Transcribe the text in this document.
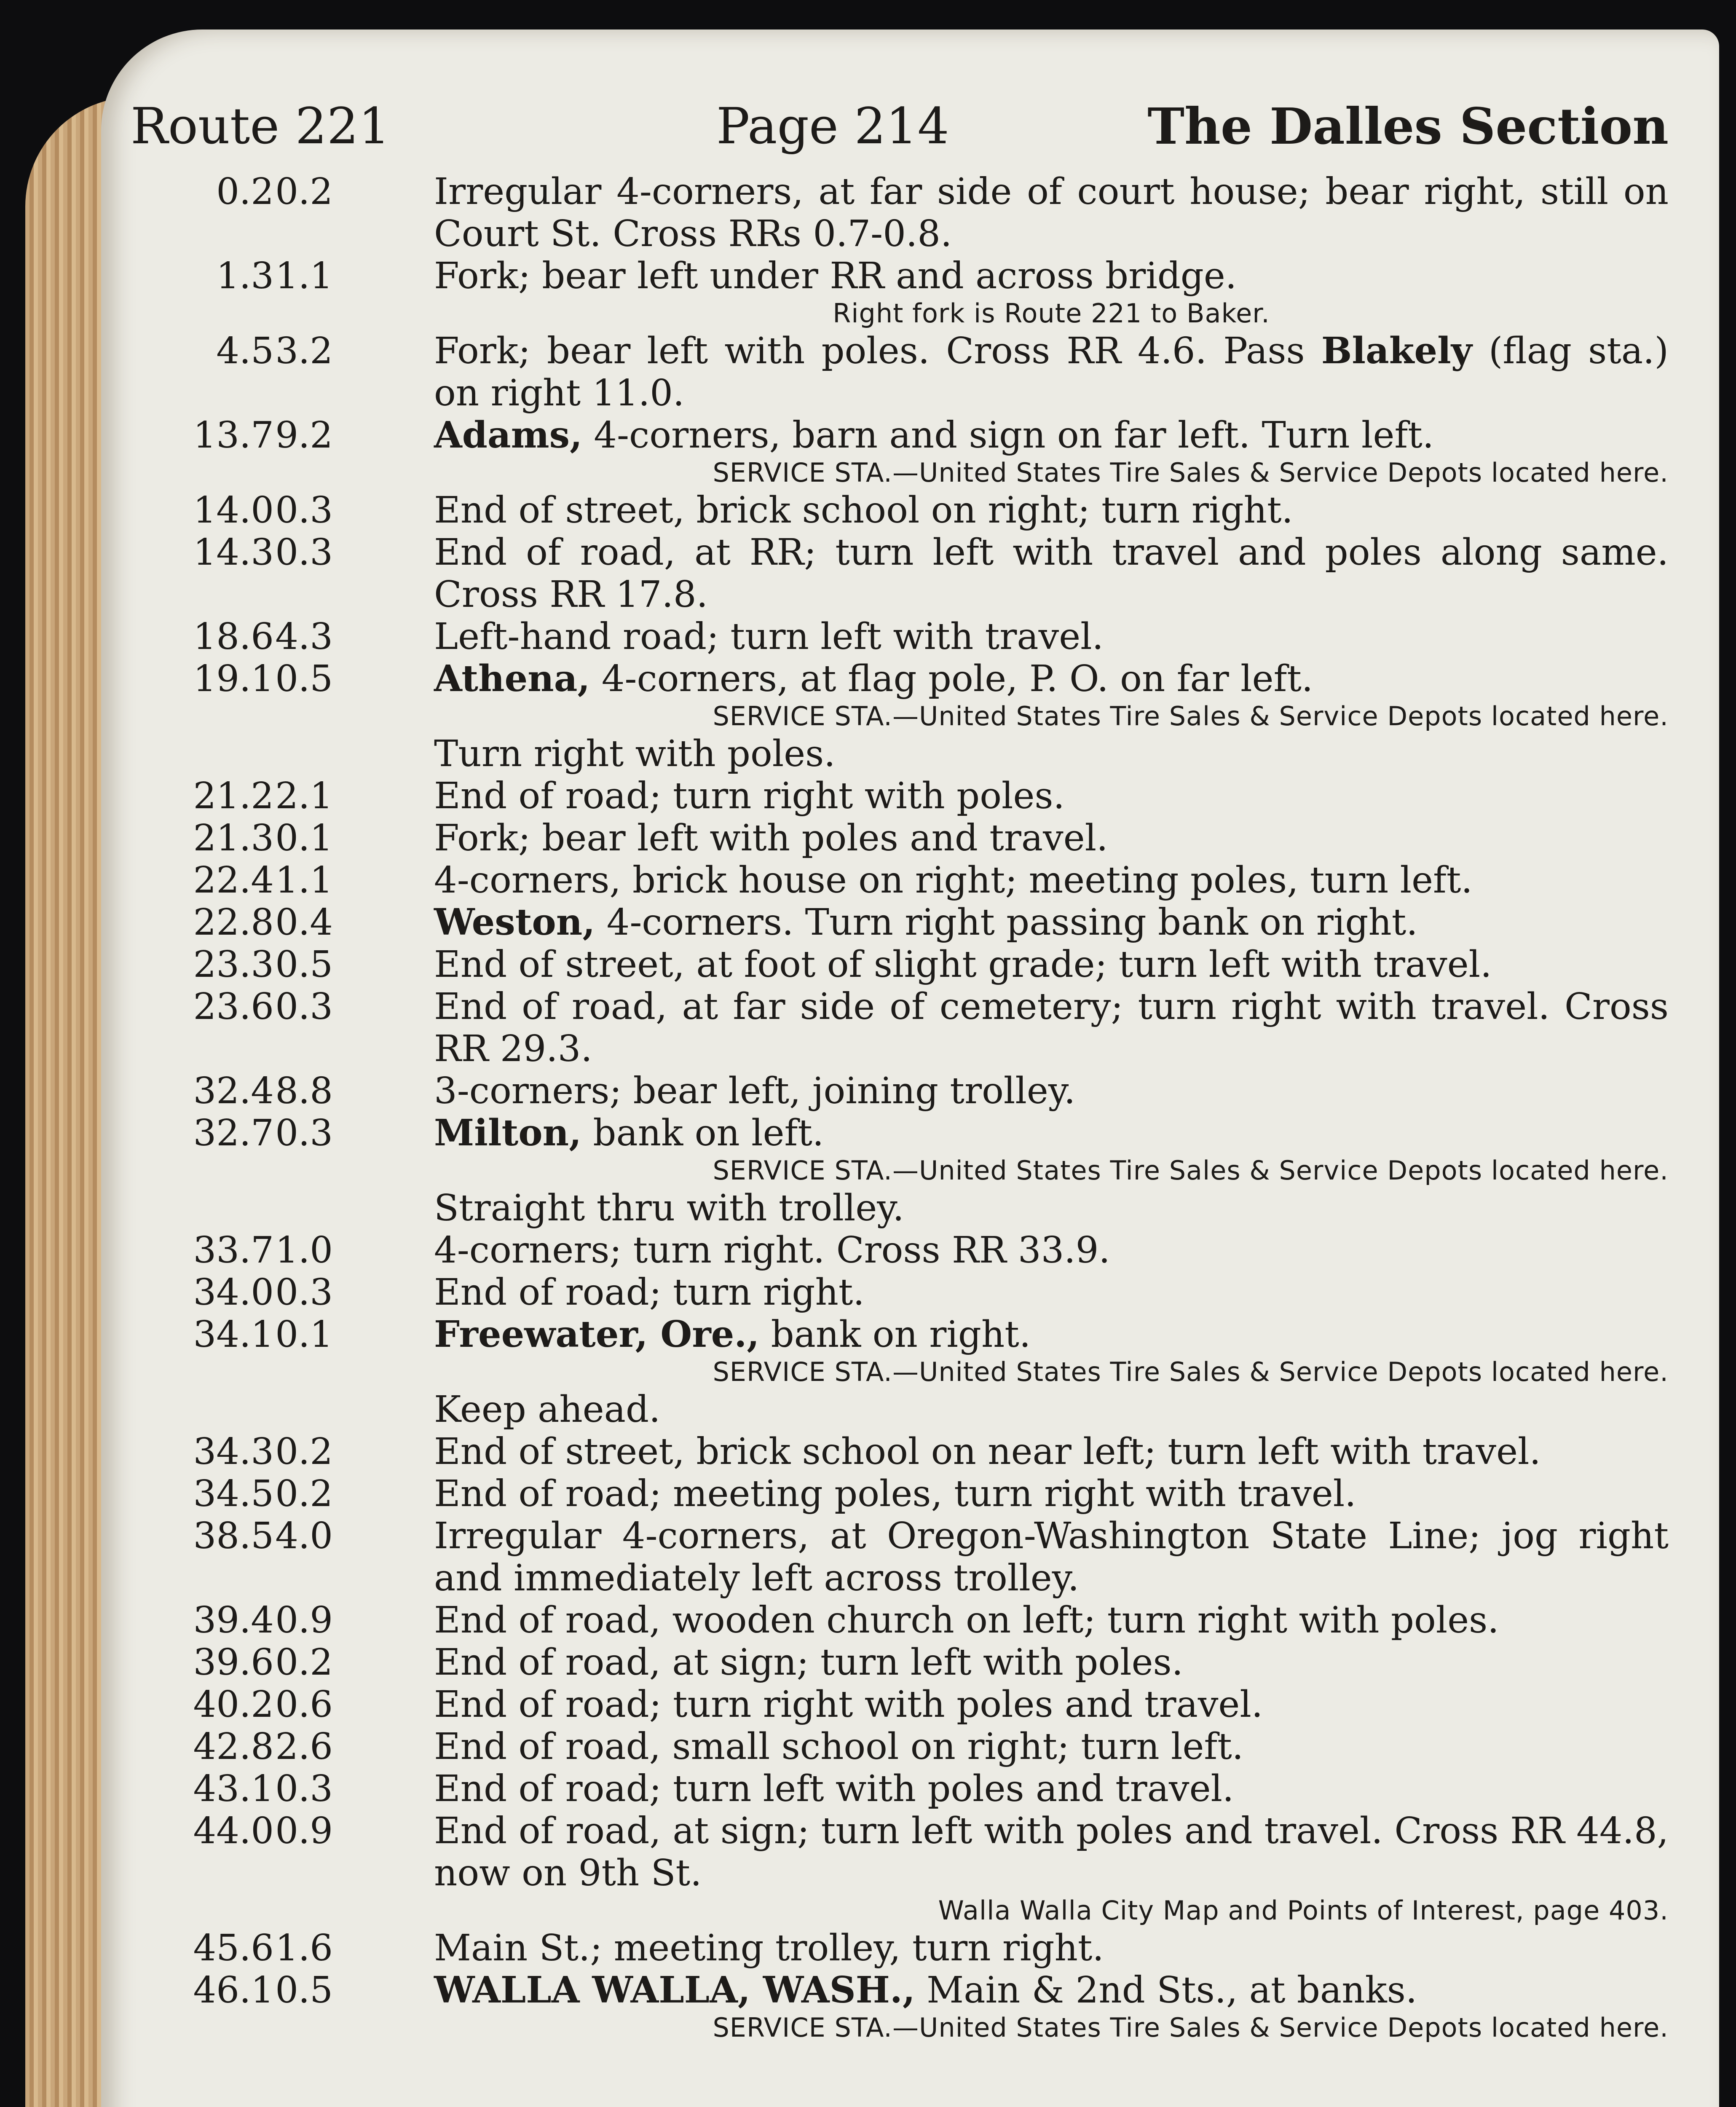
Route 221	Page 214	The Dalles Section
0.2 0.2	Irregular 4-corners, at far side of court house; bear right, still on Court St. Cross RRs 0.7-0.8.
1.3 1.1	Fork; bear left under RR and across bridge.
Right fork is Route 221 to Baker.
4.5 3.2	Fork; bear left with poles. Cross RR 4.6. Pass Blakely (flag sta.) on right 11.0.
13.7 9.2	Adams, 4-corners, barn and sign on far left. Turn left.
SERVICE STA.—United States Tire Sales & Service Depots located here.
14.0 0.3	End of street, brick school on right; turn right.
14.3 0.3	End of road, at RR; turn left with travel and poles along same. Cross RR 17.8.
18.6 4.3	Left-hand road; turn left with travel.
19.1 0.5	Athena, 4-corners, at flag pole, P. O. on far left.
SERVICE STA.—United States Tire Sales & Service Depots located here.
Turn right with poles.
21.2 2.1	End of road; turn right with poles.
21.3 0.1	Fork; bear left with poles and travel.
22.4 1.1	4-corners, brick house on right; meeting poles, turn left.
22.8 0.4	Weston, 4-corners. Turn right passing bank on right.
23.3 0.5	End of street, at foot of slight grade; turn left with travel.
23.6 0.3	End of road, at far side of cemetery; turn right with travel. Cross RR 29.3.
32.4 8.8	3-corners; bear left, joining trolley.
32.7 0.3	Milton, bank on left.
SERVICE STA.—United States Tire Sales & Service Depots located here.
Straight thru with trolley.
33.7 1.0	4-corners; turn right. Cross RR 33.9.
34.0 0.3	End of road; turn right.
34.1 0.1	Freewater, Ore., bank on right.
SERVICE STA.—United States Tire Sales & Service Depots located here.
Keep ahead.
34.3 0.2	End of street, brick school on near left; turn left with travel.
34.5 0.2	End of road; meeting poles, turn right with travel.
38.5 4.0	Irregular 4-corners, at Oregon-Washington State Line; jog right and immediately left across trolley.
39.4 0.9	End of road, wooden church on left; turn right with poles.
39.6 0.2	End of road, at sign; turn left with poles.
40.2 0.6	End of road; turn right with poles and travel.
42.8 2.6	End of road, small school on right; turn left.
43.1 0.3	End of road; turn left with poles and travel.
44.0 0.9	End of road, at sign; turn left with poles and travel. Cross RR 44.8, now on 9th St.
Walla Walla City Map and Points of Interest, page 403.
45.6 1.6	Main St.; meeting trolley, turn right.
46.1 0.5	WALLA WALLA, WASH., Main & 2nd Sts., at banks.
SERVICE STA.—United States Tire Sales & Service Depots located here.
